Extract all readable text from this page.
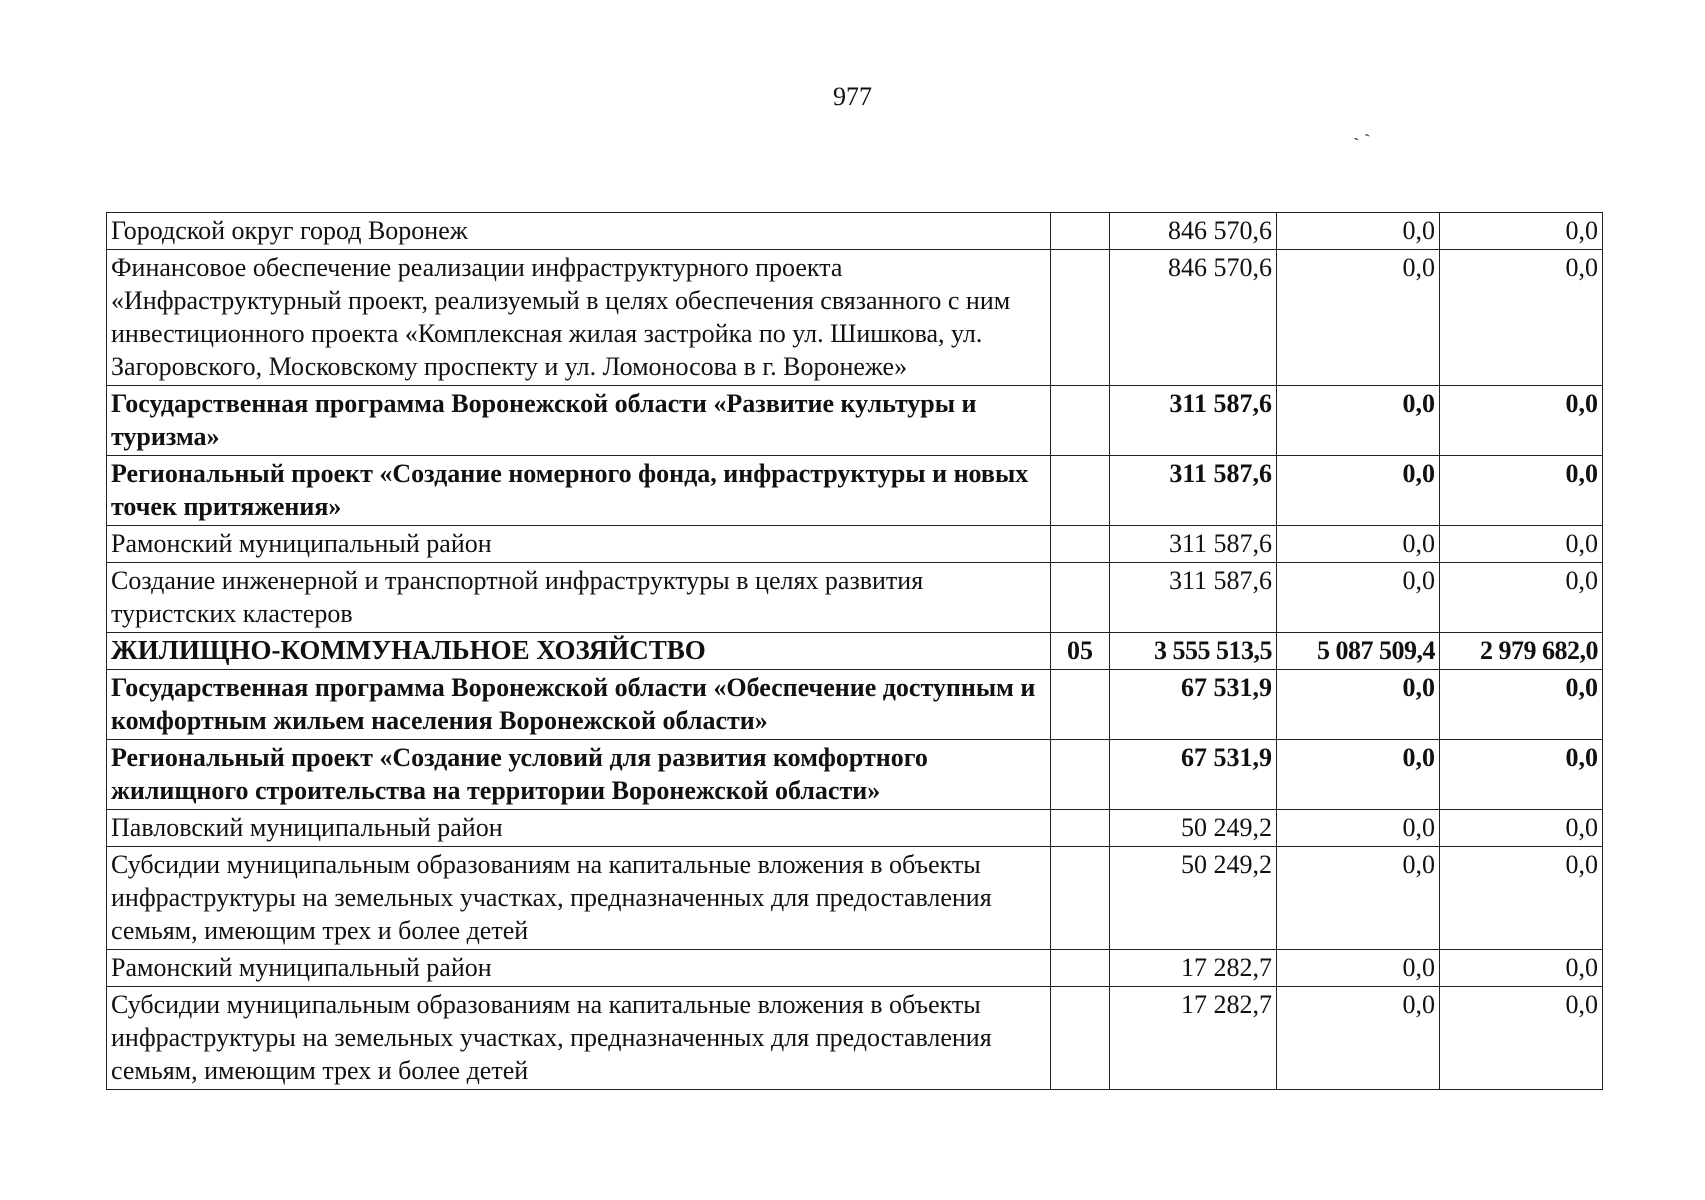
977
ˏ ˎ
Городской округ город Воронеж		846 570,6	0,0	0,0
Финансовое обеспечение реализации инфраструктурного проекта «Инфраструктурный проект, реализуемый в целях обеспечения связанного с ним инвестиционного проекта «Комплексная жилая застройка по ул. Шишкова, ул. Загоровского, Московскому проспекту и ул. Ломоносова в г. Воронеже»		846 570,6	0,0	0,0
Государственная программа Воронежской области «Развитие культуры и туризма»		311 587,6	0,0	0,0
Региональный проект «Создание номерного фонда, инфраструктуры и новых точек притяжения»		311 587,6	0,0	0,0
Рамонский муниципальный район		311 587,6	0,0	0,0
Создание инженерной и транспортной инфраструктуры в целях развития туристских кластеров		311 587,6	0,0	0,0
ЖИЛИЩНО-КОММУНАЛЬНОЕ ХОЗЯЙСТВО	05	3 555 513,5	5 087 509,4	2 979 682,0
Государственная программа Воронежской области «Обеспечение доступным и комфортным жильем населения Воронежской области»		67 531,9	0,0	0,0
Региональный проект «Создание условий для развития комфортного жилищного строительства на территории Воронежской области»		67 531,9	0,0	0,0
Павловский муниципальный район		50 249,2	0,0	0,0
Субсидии муниципальным образованиям на капитальные вложения в объекты инфраструктуры на земельных участках, предназначенных для предоставления семьям, имеющим трех и более детей		50 249,2	0,0	0,0
Рамонский муниципальный район		17 282,7	0,0	0,0
Субсидии муниципальным образованиям на капитальные вложения в объекты инфраструктуры на земельных участках, предназначенных для предоставления семьям, имеющим трех и более детей		17 282,7	0,0	0,0
